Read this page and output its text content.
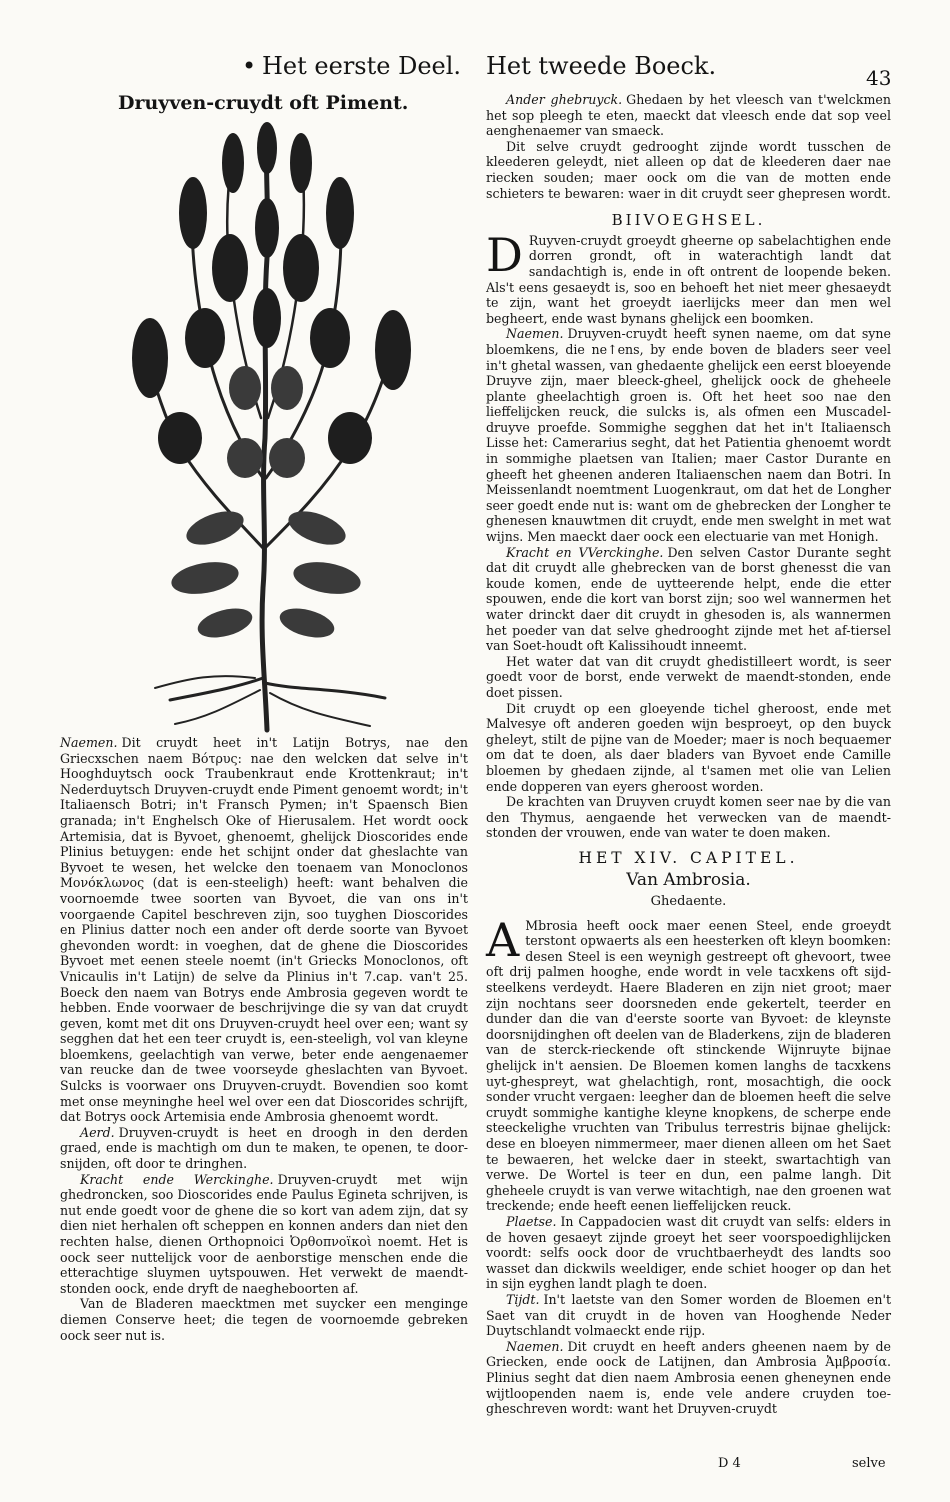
• Het eerste Deel. Het tweede Boeck.	43
Druyven-cruydt oft Piment.

Naemen. Dit cruydt heet in't Latijn Botrys, nae den Griecxschen naem Βότρυς: nae den welcken dat selve in't Hooghduytsch oock Traubenkraut ende Krottenkraut; in't Nederduytsch Druyven-cruydt ende Piment genoemt wordt; in't Italiaensch Botri; in't Fransch Pymen; in't Spaensch Bien granada; in't Enghelsch Oke of Hierusalem. Het wordt oock Artemisia, dat is Byvoet, ghenoemt, ghelijck Dioscorides ende Plinius betuygen: ende het schijnt onder dat gheslachte van Byvoet te wesen, het welcke den toenaem van Monoclonos Μονόκλωνος (dat is een-steeligh) heeft: want behalven die voornoemde twee soorten van Byvoet, die van ons in't voorgaende Capitel beschreven zijn, soo tuyghen Dioscorides en Plinius datter noch een ander oft derde soorte van Byvoet ghevonden wordt: in voeghen, dat de ghene die Dioscorides Byvoet met eenen steele noemt (in't Griecks Monoclonos, oft Vnicaulis in't Latijn) de selve da Plinius in't 7.cap. van't 25. Boeck den naem van Botrys ende Ambrosia gegeven wordt te hebben. Ende voorwaer de beschrijvinge die sy van dat cruydt geven, komt met dit ons Druyven-cruydt heel over een; want sy segghen dat het een teer cruydt is, een-steeligh, vol van kleyne bloemkens, geelachtigh van verwe, beter ende aengenaemer van reucke dan de twee voorseyde gheslachten van Byvoet. Sulcks is voorwaer ons Druyven-cruydt. Bovendien soo komt met onse meyninghe heel wel over een dat Dioscorides schrijft, dat Botrys oock Artemisia ende Ambrosia ghenoemt wordt.

Aerd. Druyven-cruydt is heet en droogh in den derden graed, ende is machtigh om dun te maken, te openen, te door-snijden, oft door te dringhen.

Kracht ende Werckinghe. Druyven-cruydt met wijn ghedroncken, soo Dioscorides ende Paulus Egineta schrijven, is nut ende goedt voor de ghene die so kort van adem zijn, dat sy dien niet herhalen oft scheppen en konnen anders dan niet den rechten halse, dienen Orthopnoici Ὀρθοπνοϊκοὶ noemt. Het is oock seer nuttelijck voor de aenborstige menschen ende die etterachtige sluymen uytspouwen. Het verwekt de maendt-stonden oock, ende dryft de naegheboorten af.

Van de Bladeren maecktmen met suycker een menginge diemen Conserve heet; die tegen de voornoemde gebreken oock seer nut is.

Ander ghebruyck. Ghedaen by het vleesch van t'welckmen het sop pleegh te eten, maeckt dat vleesch ende dat sop veel aenghenaemer van smaeck.

Dit selve cruydt gedrooght zijnde wordt tusschen de kleederen geleydt, niet alleen op dat de kleederen daer nae riecken souden; maer oock om die van de motten ende schieters te bewaren: waer in dit cruydt seer ghepresen wordt.

BIIVOEGHSEL.

D Ruyven-cruydt groeydt gheerne op sabelachtighen ende dorren grondt, oft in waterachtigh landt dat sandachtigh is, ende in oft ontrent de loopende beken. Als't eens gesaeydt is, soo en behoeft het niet meer ghesaeydt te zijn, want het groeydt iaerlijcks meer dan men wel begheert, ende wast bynans ghelijck een boomken.

Naemen. Druyven-cruydt heeft synen naeme, om dat syne bloemkens, die ne↑ens, by ende boven de bladers seer veel in't ghetal wassen, van ghedaente ghelijck een eerst bloeyende Druyve zijn, maer bleeck-gheel, ghelijck oock de gheheele plante gheelachtigh groen is. Oft het heet soo nae den lieffelijcken reuck, die sulcks is, als ofmen een Muscadel-druyve proefde. Sommighe segghen dat het in't Italiaensch Lisse het: Camerarius seght, dat het Patientia ghenoemt wordt in sommighe plaetsen van Italien; maer Castor Durante en gheeft het gheenen anderen Italiaenschen naem dan Botri. In Meissenlandt noemtment Luogenkraut, om dat het de Longher seer goedt ende nut is: want om de ghebrecken der Longher te ghenesen knauwtmen dit cruydt, ende men swelght in met wat wijns. Men maeckt daer oock een electuarie van met Honigh.

Kracht en VVerckinghe. Den selven Castor Durante seght dat dit cruydt alle ghebrecken van de borst ghenesst die van koude komen, ende de uytteerende helpt, ende die etter spouwen, ende die kort van borst zijn; soo wel wannermen het water drinckt daer dit cruydt in ghesoden is, als wannermen het poeder van dat selve ghedrooght zijnde met het af-tiersel van Soet-houdt oft Kalissihoudt inneemt.

Het water dat van dit cruydt ghedistilleert wordt, is seer goedt voor de borst, ende verwekt de maendt-stonden, ende doet pissen.

Dit cruydt op een gloeyende tichel gheroost, ende met Malvesye oft anderen goeden wijn besproeyt, op den buyck gheleyt, stilt de pijne van de Moeder; maer is noch bequaemer om dat te doen, als daer bladers van Byvoet ende Camille bloemen by ghedaen zijnde, al t'samen met olie van Lelien ende dopperen van eyers gheroost worden.

De krachten van Druyven cruydt komen seer nae by die van den Thymus, aengaende het verwecken van de maendt-stonden der vrouwen, ende van water te doen maken.

HET XIV. CAPITEL.

Van Ambrosia.

Ghedaente.

A Mbrosia heeft oock maer eenen Steel, ende groeydt terstont opwaerts als een heesterken oft kleyn boomken: desen Steel is een weynigh gestreept oft ghevoort, twee oft drij palmen hooghe, ende wordt in vele tacxkens oft sijd-steelkens verdeydt. Haere Bladeren en zijn niet groot; maer zijn nochtans seer doorsneden ende gekertelt, teerder en dunder dan die van d'eerste soorte van Byvoet: de kleynste doorsnijdinghen oft deelen van de Bladerkens, zijn de bladeren van de sterck-rieckende oft stinckende Wijnruyte bijnae ghelijck in't aensien. De Bloemen komen langhs de tacxkens uyt-ghespreyt, wat ghelachtigh, ront, mosachtigh, die oock sonder vrucht vergaen: leegher dan de bloemen heeft die selve cruydt sommighe kantighe kleyne knopkens, de scherpe ende steeckelighe vruchten van Tribulus terrestris bijnae ghelijck: dese en bloeyen nimmermeer, maer dienen alleen om het Saet te bewaeren, het welcke daer in steekt, swartachtigh van verwe. De Wortel is teer en dun, een palme langh. Dit gheheele cruydt is van verwe witachtigh, nae den groenen wat treckende; ende heeft eenen lieffelijcken reuck.

Plaetse. In Cappadocien wast dit cruydt van selfs: elders in de hoven gesaeyt zijnde groeyt het seer voorspoedighlijcken voordt: selfs oock door de vruchtbaerheydt des landts soo wasset dan dickwils weeldiger, ende schiet hooger op dan het in sijn eyghen landt plagh te doen.

Tijdt. In't laetste van den Somer worden de Bloemen en't Saet van dit cruydt in de hoven van Hooghende Neder Duytschlandt volmaeckt ende rijp.

Naemen. Dit cruydt en heeft anders gheenen naem by de Griecken, ende oock de Latijnen, dan Ambrosia Ἀμβροσία. Plinius seght dat dien naem Ambrosia eenen gheneynen ende wijtloopenden naem is, ende vele andere cruyden toe-gheschreven wordt: want het Druyven-cruydt

D 4	selve
